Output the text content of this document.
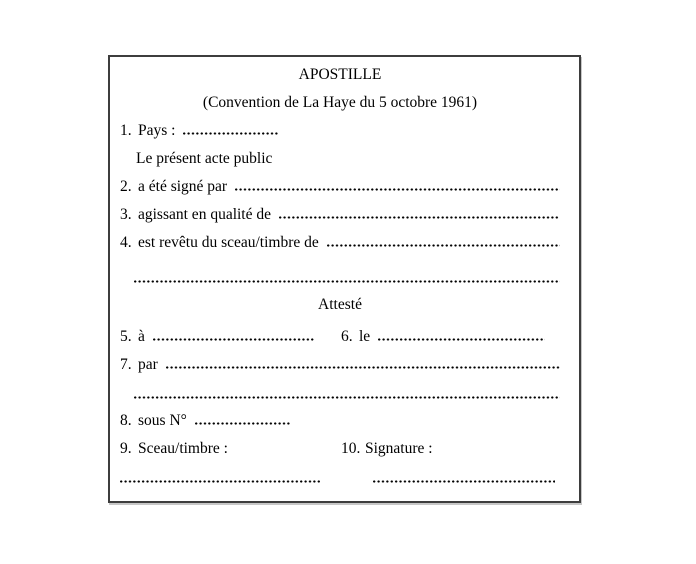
APOSTILLE
(Convention de La Haye du 5 octobre 1961)
1. Pays :
Le présent acte public
2. a été signé par
3. agissant en qualité de
4. est revêtu du sceau/timbre de
Attesté
5. à	6. le
7. par
8. sous N°
9. Sceau/timbre :	10. Signature :
